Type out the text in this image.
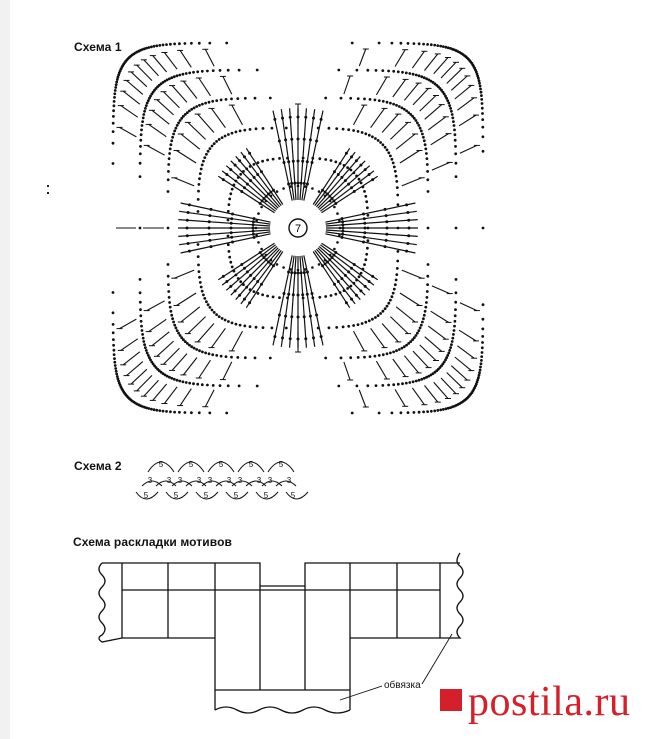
Схема 1
Схема 2
Схема раскладки мотивов
7
5	5	5	5	5
3 3 3 3 3 3 3 3 3 3
5	5	5	5	5	5
обвязка	postila.ru
